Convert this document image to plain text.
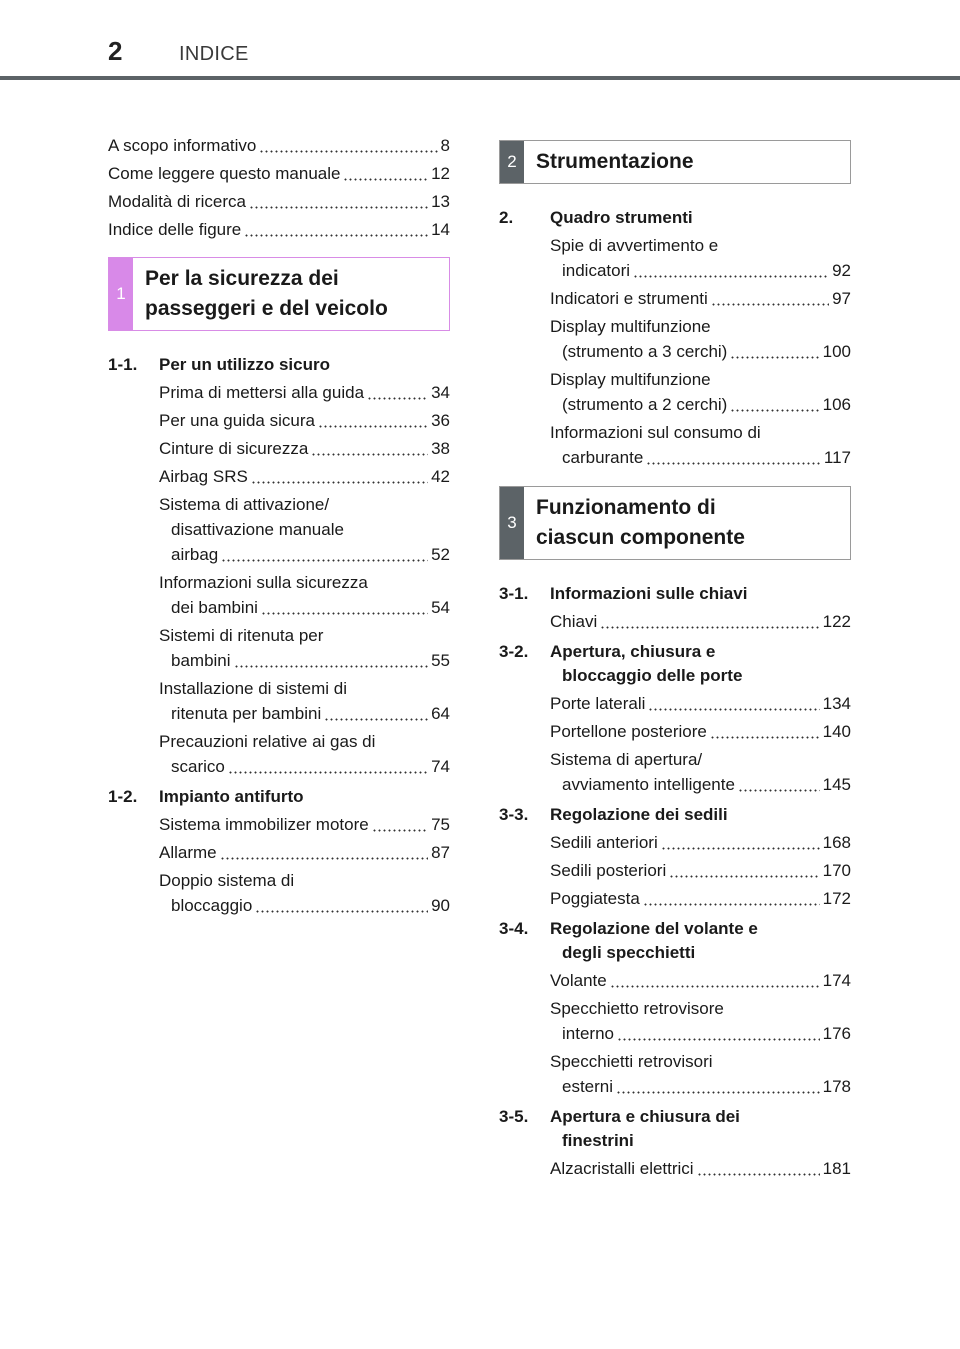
2	INDICE
A scopo informativo	8
Come leggere questo manuale	12
Modalità di ricerca	13
Indice delle figure	14
1
Per la sicurezza dei
passeggeri e del veicolo
1-1.	Per un utilizzo sicuro
Prima di mettersi alla guida	34
Per una guida sicura	36
Cinture di sicurezza	38
Airbag SRS	42
Sistema di attivazione/
disattivazione manuale
airbag	52
Informazioni sulla sicurezza
dei bambini	54
Sistemi di ritenuta per
bambini	55
Installazione di sistemi di
ritenuta per bambini	64
Precauzioni relative ai gas di
scarico	74
1-2.	Impianto antifurto
Sistema immobilizer motore	75
Allarme	87
Doppio sistema di
bloccaggio	90
2 Strumentazione
2.	Quadro strumenti
Spie di avvertimento e
indicatori	92
Indicatori e strumenti	97
Display multifunzione
(strumento a 3 cerchi)	100
Display multifunzione
(strumento a 2 cerchi)	106
Informazioni sul consumo di
carburante	117
3
Funzionamento di
ciascun componente
3-1.	Informazioni sulle chiavi
Chiavi	122
3-2.	Apertura, chiusura e
bloccaggio delle porte
Porte laterali	134
Portellone posteriore	140
Sistema di apertura/
avviamento intelligente	145
3-3.	Regolazione dei sedili
Sedili anteriori	168
Sedili posteriori	170
Poggiatesta	172
3-4.	Regolazione del volante e
degli specchietti
Volante	174
Specchietto retrovisore
interno	176
Specchietti retrovisori
esterni	178
3-5.	Apertura e chiusura dei
finestrini
Alzacristalli elettrici	181
